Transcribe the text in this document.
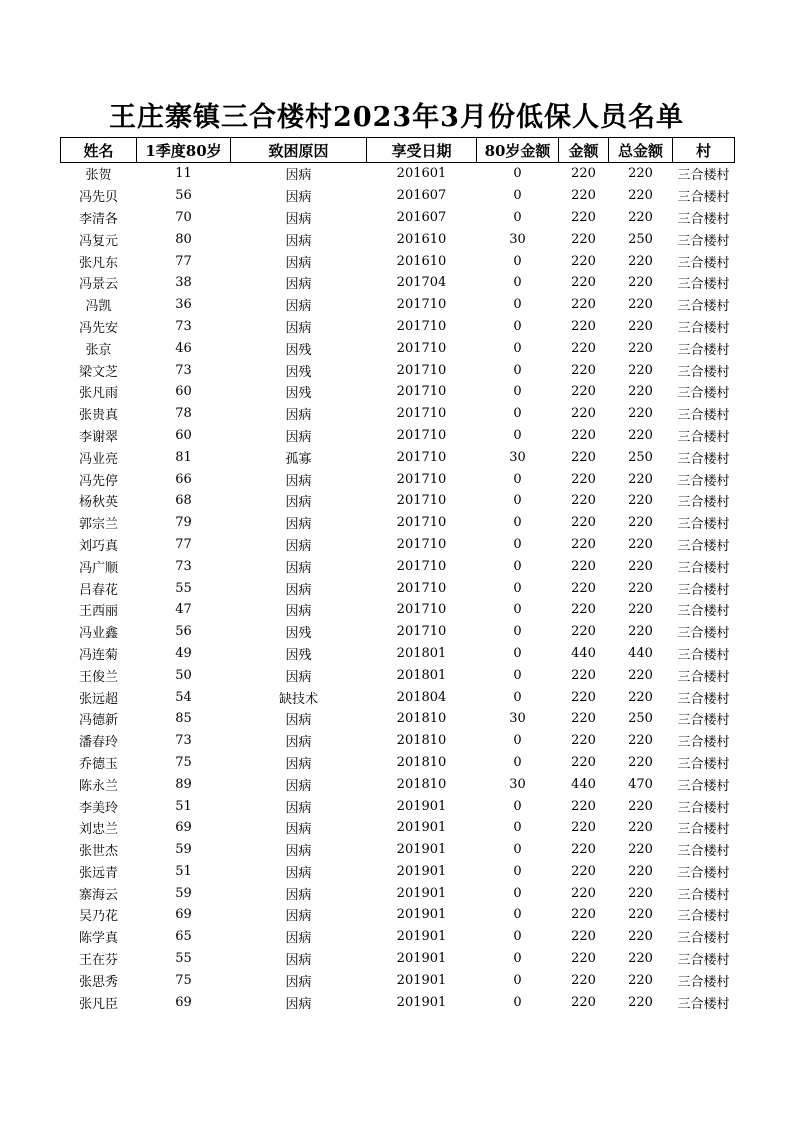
王庄寨镇三合楼村2023年3月份低保人员名单
姓名	1季度80岁	致困原因	享受日期	80岁金额	金额	总金额	村
张贺	11	因病	201601	0	220	220	三合楼村
冯先贝	56	因病	201607	0	220	220	三合楼村
李清各	70	因病	201607	0	220	220	三合楼村
冯复元	80	因病	201610	30	220	250	三合楼村
张凡东	77	因病	201610	0	220	220	三合楼村
冯景云	38	因病	201704	0	220	220	三合楼村
冯凯	36	因病	201710	0	220	220	三合楼村
冯先安	73	因病	201710	0	220	220	三合楼村
张京	46	因残	201710	0	220	220	三合楼村
梁文芝	73	因残	201710	0	220	220	三合楼村
张凡雨	60	因残	201710	0	220	220	三合楼村
张贵真	78	因病	201710	0	220	220	三合楼村
李谢翠	60	因病	201710	0	220	220	三合楼村
冯业亮	81	孤寡	201710	30	220	250	三合楼村
冯先停	66	因病	201710	0	220	220	三合楼村
杨秋英	68	因病	201710	0	220	220	三合楼村
郭宗兰	79	因病	201710	0	220	220	三合楼村
刘巧真	77	因病	201710	0	220	220	三合楼村
冯广顺	73	因病	201710	0	220	220	三合楼村
吕春花	55	因病	201710	0	220	220	三合楼村
王西丽	47	因病	201710	0	220	220	三合楼村
冯业鑫	56	因残	201710	0	220	220	三合楼村
冯连菊	49	因残	201801	0	440	440	三合楼村
王俊兰	50	因病	201801	0	220	220	三合楼村
张远超	54	缺技术	201804	0	220	220	三合楼村
冯德新	85	因病	201810	30	220	250	三合楼村
潘春玲	73	因病	201810	0	220	220	三合楼村
乔德玉	75	因病	201810	0	220	220	三合楼村
陈永兰	89	因病	201810	30	440	470	三合楼村
李美玲	51	因病	201901	0	220	220	三合楼村
刘忠兰	69	因病	201901	0	220	220	三合楼村
张世杰	59	因病	201901	0	220	220	三合楼村
张远青	51	因病	201901	0	220	220	三合楼村
寨海云	59	因病	201901	0	220	220	三合楼村
吴乃花	69	因病	201901	0	220	220	三合楼村
陈学真	65	因病	201901	0	220	220	三合楼村
王在芬	55	因病	201901	0	220	220	三合楼村
张思秀	75	因病	201901	0	220	220	三合楼村
张凡臣	69	因病	201901	0	220	220	三合楼村
